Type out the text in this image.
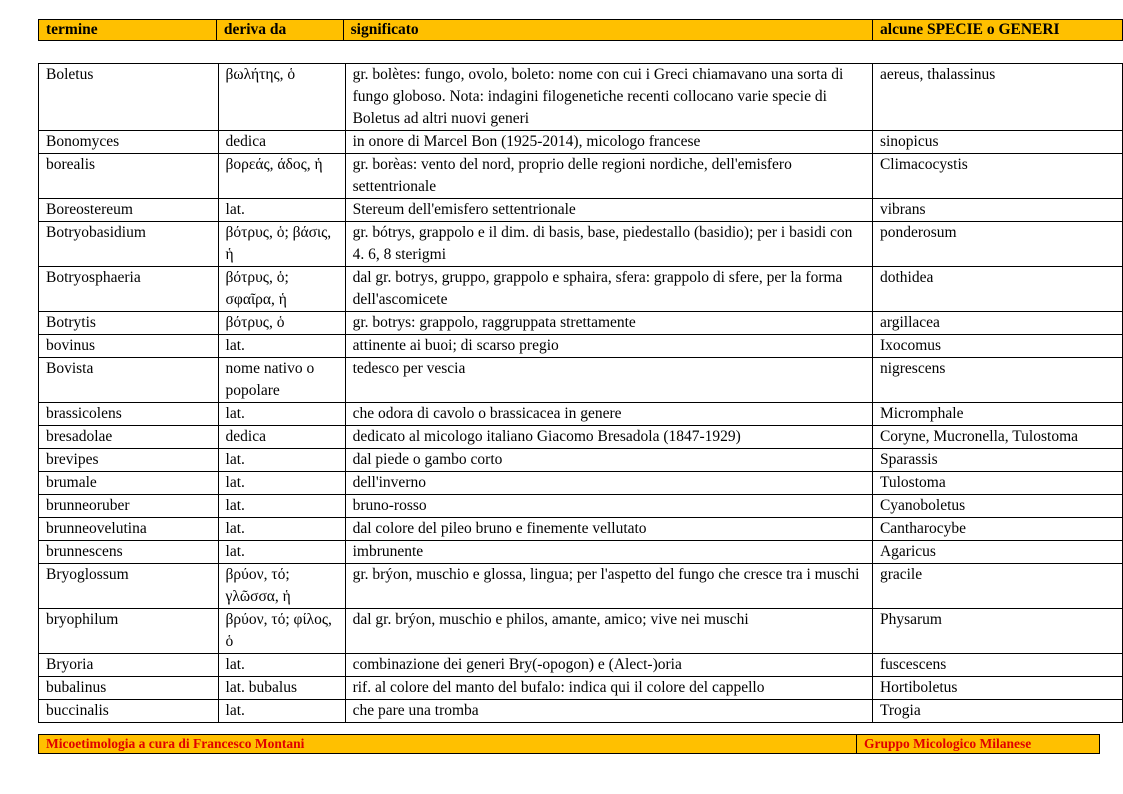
termine	deriva da	significato	alcune SPECIE o GENERI
Boletus	βωλήτης, ὁ	gr. bolètes: fungo, ovolo, boleto: nome con cui i Greci chiamavano una sorta di fungo globoso. Nota: indagini filogenetiche recenti collocano varie specie di Boletus ad altri nuovi generi	aereus, thalassinus
Bonomyces	dedica	in onore di Marcel Bon (1925-2014), micologo francese	sinopicus
borealis	βορεάς, άδος, ἡ	gr. borèas: vento del nord, proprio delle regioni nordiche, dell'emisfero settentrionale	Climacocystis
Boreostereum	lat.	Stereum dell'emisfero settentrionale	vibrans
Botryobasidium	βότρυς, ὁ; βάσις, ἡ	gr. bótrys, grappolo e il dim. di basis, base, piedestallo (basidio); per i basidi con 4. 6, 8 sterigmi	ponderosum
Botryosphaeria	βότρυς, ὁ; σφαῖρα, ἡ	dal gr. botrys, gruppo, grappolo e sphaira, sfera: grappolo di sfere, per la forma dell'ascomicete	dothidea
Botrytis	βότρυς, ὁ	gr. botrys: grappolo, raggruppata strettamente	argillacea
bovinus	lat.	attinente ai buoi; di scarso pregio	Ixocomus
Bovista	nome nativo o popolare	tedesco per vescia	nigrescens
brassicolens	lat.	che odora di cavolo o brassicacea in genere	Micromphale
bresadolae	dedica	dedicato al micologo italiano Giacomo Bresadola (1847-1929)	Coryne, Mucronella, Tulostoma
brevipes	lat.	dal piede o gambo corto	Sparassis
brumale	lat.	dell'inverno	Tulostoma
brunneoruber	lat.	bruno-rosso	Cyanoboletus
brunneovelutina	lat.	dal colore del pileo bruno e finemente vellutato	Cantharocybe
brunnescens	lat.	imbrunente	Agaricus
Bryoglossum	βρύον, τό; γλῶσσα, ἡ	gr. brýon, muschio e glossa, lingua; per l'aspetto del fungo che cresce tra i muschi	gracile
bryophilum	βρύον, τό; φίλος, ὁ	dal gr. brýon, muschio e philos, amante, amico; vive nei muschi	Physarum
Bryoria	lat.	combinazione dei generi Bry(-opogon) e (Alect-)oria	fuscescens
bubalinus	lat. bubalus	rif. al colore del manto del bufalo: indica qui il colore del cappello	Hortiboletus
buccinalis	lat.	che pare una tromba	Trogia
Micoetimologia a cura di Francesco Montani	Gruppo Micologico Milanese
